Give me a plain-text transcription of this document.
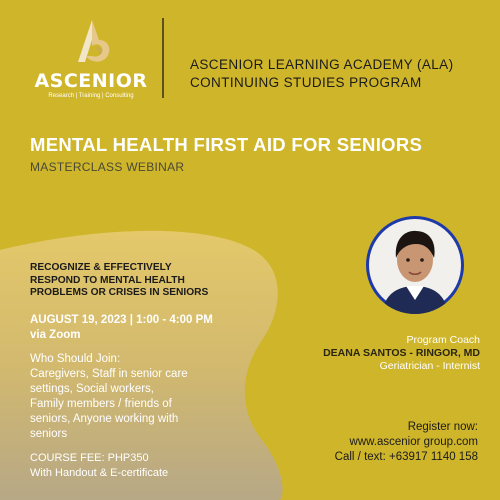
ASCENIOR
Research | Training | Consulting
ASCENIOR LEARNING ACADEMY (ALA)
CONTINUING STUDIES PROGRAM
MENTAL HEALTH FIRST AID FOR SENIORS
MASTERCLASS WEBINAR
RECOGNIZE & EFFECTIVELY
RESPOND TO MENTAL HEALTH
PROBLEMS OR CRISES IN SENIORS
AUGUST 19, 2023 | 1:00 - 4:00 PM
via Zoom
Who Should Join:
Caregivers, Staff in senior care
settings, Social workers,
Family members / friends of
seniors, Anyone working with
seniors
COURSE FEE: PHP350
With Handout & E-certificate
Program Coach
DEANA SANTOS - RINGOR, MD
Geriatrician - Internist
Register now:
www.ascenior group.com
Call / text: +63917 1140 158
